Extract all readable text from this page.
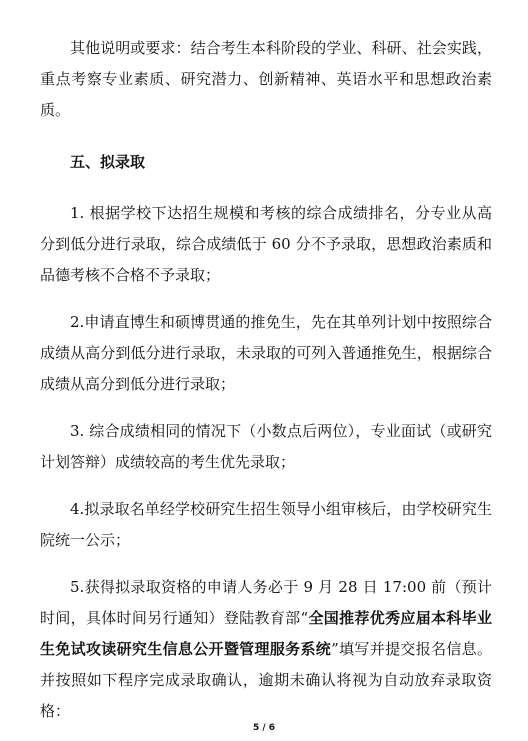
其他说明或要求：结合考生本科阶段的学业、科研、社会实践，重点考察专业素质、研究潜力、创新精神、英语水平和思想政治素质。

五、拟录取

1. 根据学校下达招生规模和考核的综合成绩排名，分专业从高分到低分进行录取，综合成绩低于 60 分不予录取，思想政治素质和品德考核不合格不予录取；

2.申请直博生和硕博贯通的推免生，先在其单列计划中按照综合成绩从高分到低分进行录取，未录取的可列入普通推免生，根据综合成绩从高分到低分进行录取；

3. 综合成绩相同的情况下（小数点后两位），专业面试（或研究计划答辩）成绩较高的考生优先录取；

4.拟录取名单经学校研究生招生领导小组审核后，由学校研究生院统一公示；

5.获得拟录取资格的申请人务必于 9 月 28 日 17:00 前（预计时间，具体时间另行通知）登陆教育部“全国推荐优秀应届本科毕业生免试攻读研究生信息公开暨管理服务系统”填写并提交报名信息。并按照如下程序完成录取确认，逾期未确认将视为自动放弃录取资格：

5 / 6
